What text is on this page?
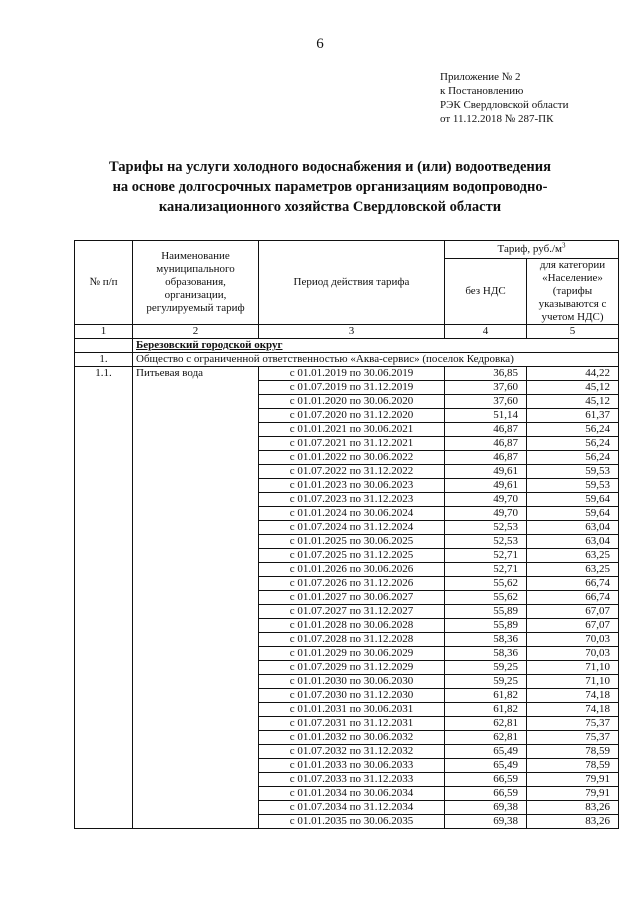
6
Приложение № 2
к Постановлению
РЭК Свердловской области
от 11.12.2018 № 287-ПК
Тарифы на услуги холодного водоснабжения и (или) водоотведения
на основе долгосрочных параметров организациям водопроводно-
канализационного хозяйства Свердловской области
№ п/п	Наименование муниципального образования, организации, регулируемый тариф	Период действия тарифа	Тариф, $руб./м^3$
			без НДС	для категории «Население» (тарифы указываются с учетом НДС)
1	2	3	4	5
	Березовский городской округ			
1.	Общество с ограниченной ответственностью «Аква-сервис» (поселок Кедровка)			
1.1.	Питьевая вода	с 01.01.2019 по 30.06.2019	36,85	44,22
		с 01.07.2019 по 31.12.2019	37,60	45,12
		с 01.01.2020 по 30.06.2020	37,60	45,12
		с 01.07.2020 по 31.12.2020	51,14	61,37
		с 01.01.2021 по 30.06.2021	46,87	56,24
		с 01.07.2021 по 31.12.2021	46,87	56,24
		с 01.01.2022 по 30.06.2022	46,87	56,24
		с 01.07.2022 по 31.12.2022	49,61	59,53
		с 01.01.2023 по 30.06.2023	49,61	59,53
		с 01.07.2023 по 31.12.2023	49,70	59,64
		с 01.01.2024 по 30.06.2024	49,70	59,64
		с 01.07.2024 по 31.12.2024	52,53	63,04
		с 01.01.2025 по 30.06.2025	52,53	63,04
		с 01.07.2025 по 31.12.2025	52,71	63,25
		с 01.01.2026 по 30.06.2026	52,71	63,25
		с 01.07.2026 по 31.12.2026	55,62	66,74
		с 01.01.2027 по 30.06.2027	55,62	66,74
		с 01.07.2027 по 31.12.2027	55,89	67,07
		с 01.01.2028 по 30.06.2028	55,89	67,07
		с 01.07.2028 по 31.12.2028	58,36	70,03
		с 01.01.2029 по 30.06.2029	58,36	70,03
		с 01.07.2029 по 31.12.2029	59,25	71,10
		с 01.01.2030 по 30.06.2030	59,25	71,10
		с 01.07.2030 по 31.12.2030	61,82	74,18
		с 01.01.2031 по 30.06.2031	61,82	74,18
		с 01.07.2031 по 31.12.2031	62,81	75,37
		с 01.01.2032 по 30.06.2032	62,81	75,37
		с 01.07.2032 по 31.12.2032	65,49	78,59
		с 01.01.2033 по 30.06.2033	65,49	78,59
		с 01.07.2033 по 31.12.2033	66,59	79,91
		с 01.01.2034 по 30.06.2034	66,59	79,91
		с 01.07.2034 по 31.12.2034	69,38	83,26
		с 01.01.2035 по 30.06.2035	69,38	83,26
